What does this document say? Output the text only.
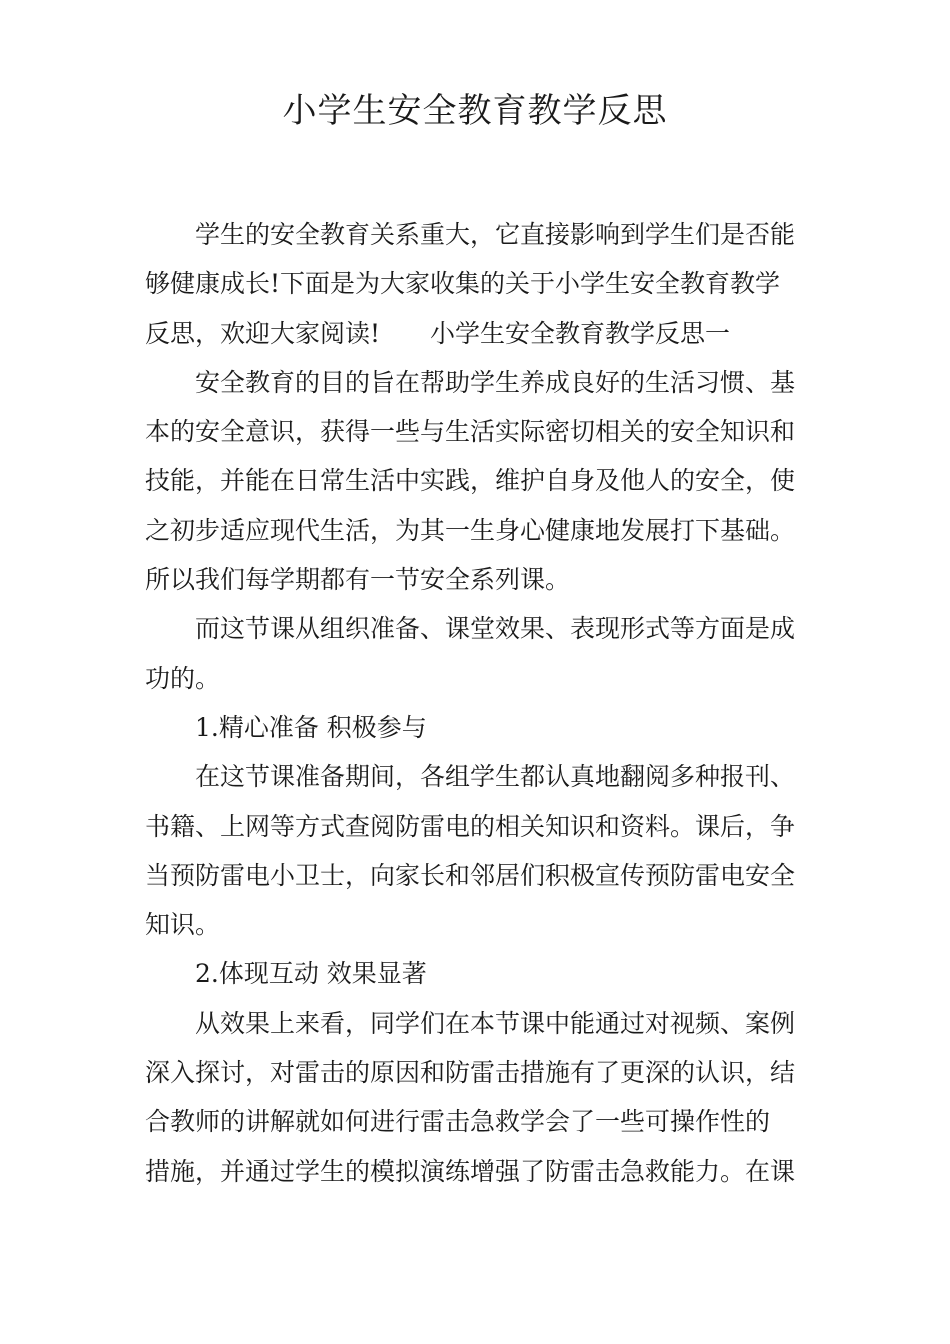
小学生安全教育教学反思
学生的安全教育关系重大，它直接影响到学生们是否能
够健康成长!下面是为大家收集的关于小学生安全教育教学
反思，欢迎大家阅读!　　小学生安全教育教学反思一
安全教育的目的旨在帮助学生养成良好的生活习惯、基
本的安全意识，获得一些与生活实际密切相关的安全知识和
技能，并能在日常生活中实践，维护自身及他人的安全，使
之初步适应现代生活，为其一生身心健康地发展打下基础。
所以我们每学期都有一节安全系列课。
而这节课从组织准备、课堂效果、表现形式等方面是成
功的。
1.精心准备 积极参与
在这节课准备期间，各组学生都认真地翻阅多种报刊、
书籍、上网等方式查阅防雷电的相关知识和资料。课后，争
当预防雷电小卫士，向家长和邻居们积极宣传预防雷电安全
知识。
2.体现互动 效果显著
从效果上来看，同学们在本节课中能通过对视频、案例
深入探讨，对雷击的原因和防雷击措施有了更深的认识，结
合教师的讲解就如何进行雷击急救学会了一些可操作性的
措施，并通过学生的模拟演练增强了防雷击急救能力。在课
